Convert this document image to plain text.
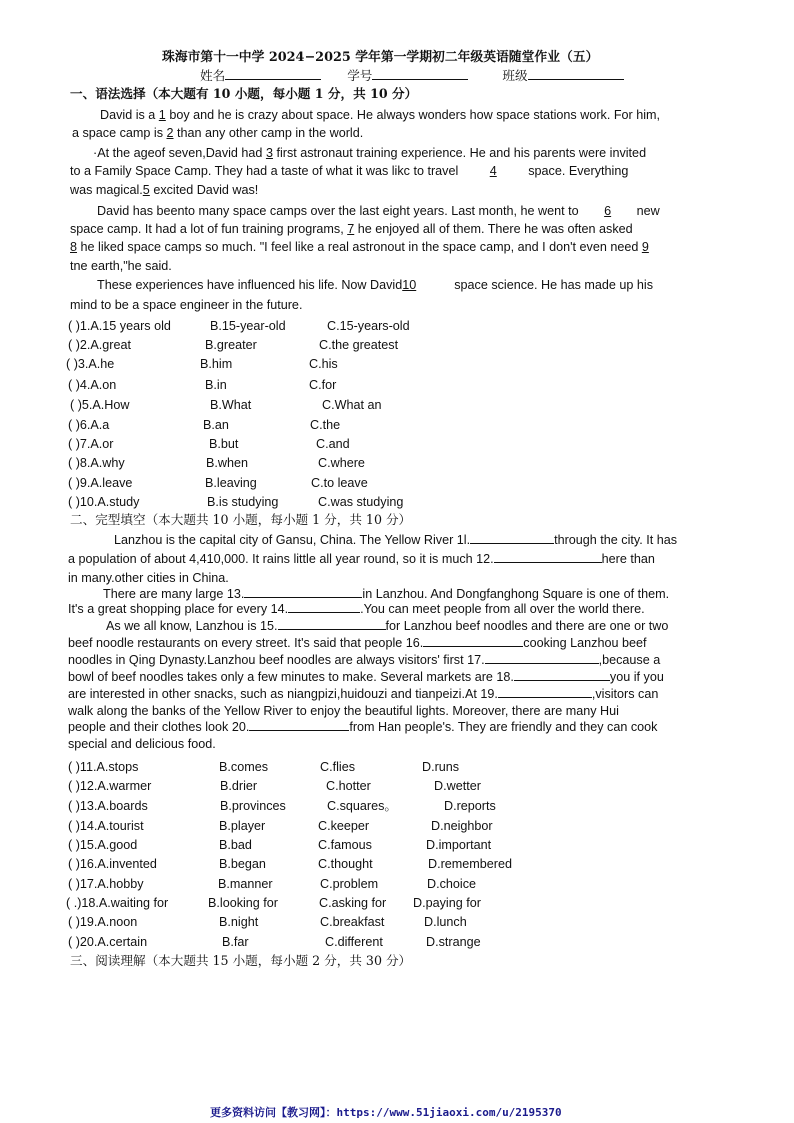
珠海市第十一中学 2024−2025 学年第一学期初二年级英语随堂作业（五）
姓名	学号	班级
一、语法选择（本大题有 10 小题，每小题 1 分，共 10 分）
David is a 1 boy and he is crazy about space. He always wonders how space stations work. For him,
a space camp is 2 than any other camp in the world.
·At the ageof seven,David had 3 first astronaut training experience. He and his parents were invited
to a Family Space Camp. They had a taste of what it was likc to travel 4	space. Everything
was magical.5 excited David was!
David has beento many space camps over the last eight years. Last month, he went to 6 new
space camp. It had a lot of fun training programs, 7 he enjoyed all of them. There he was often asked
8 he liked space camps so much. "I feel like a real astronout in the space camp, and I don't even need 9
tne earth,"he said.
These experiences have influenced his life. Now David10	space science. He has made up his
mind to be a space engineer in the future.
( )1.A.15 years old	B.15-year-old	C.15-years-old
( )2.A.great	B.greater	C.the greatest
( )3.A.he	B.him	C.his
( )4.A.on	B.in	C.for
( )5.A.How	B.What	C.What an
( )6.A.a	B.an	C.the
( )7.A.or	B.but	C.and
( )8.A.why	B.when	C.where
( )9.A.leave	B.leaving	C.to leave
( )10.A.study	B.is studying	C.was studying
二、完型填空（本大题共 10 小题，每小题 1 分，共 10 分）
Lanzhou is the capital city of Gansu, China. The Yellow River 1l.	through the city. It has
a population of about 4,410,000. It rains little all year round, so it is much 12.	here than
in many.other cities in China.
There are many large 13.	in Lanzhou. And Dongfanghong Square is one of them.
It's a great shopping place for every 14.	.You can meet people from all over the world there.
As we all know, Lanzhou is 15.	for Lanzhou beef noodles and there are one or two
beef noodle restaurants on every street. It's said that people 16.	cooking Lanzhou beef
noodles in Qing Dynasty.Lanzhou beef noodles are always visitors' first 17.	,because a
bowl of beef noodles takes only a few minutes to make. Several markets are 18.	you if you
are interested in other snacks, such as niangpizi,huidouzi and tianpeizi.At 19.	,visitors can
walk along the banks of the Yellow River to enjoy the beautiful lights. Moreover, there are many Hui
people and their clothes look 20.	from Han people's. They are friendly and they can cook
special and delicious food.
( )11.A.stops	B.comes	C.flies	D.runs
( )12.A.warmer	B.drier	C.hotter	D.wetter
( )13.A.boards	B.provinces	C.squares。	D.reports
( )14.A.tourist	B.player	C.keeper	D.neighbor
( )15.A.good	B.bad	C.famous	D.important
( )16.A.invented	B.began	C.thought	D.remembered
( )17.A.hobby	B.manner	C.problem	D.choice
( .)18.A.waiting for	B.looking for	C.asking for D.paying for
( )19.A.noon	B.night	C.breakfast	D.lunch
( )20.A.certain	B.far	C.different	D.strange
三、阅读理解（本大题共 15 小题，每小题 2 分，共 30 分）
更多资料访问【教习网】：https://www.51jiaoxi.com/u/2195370
